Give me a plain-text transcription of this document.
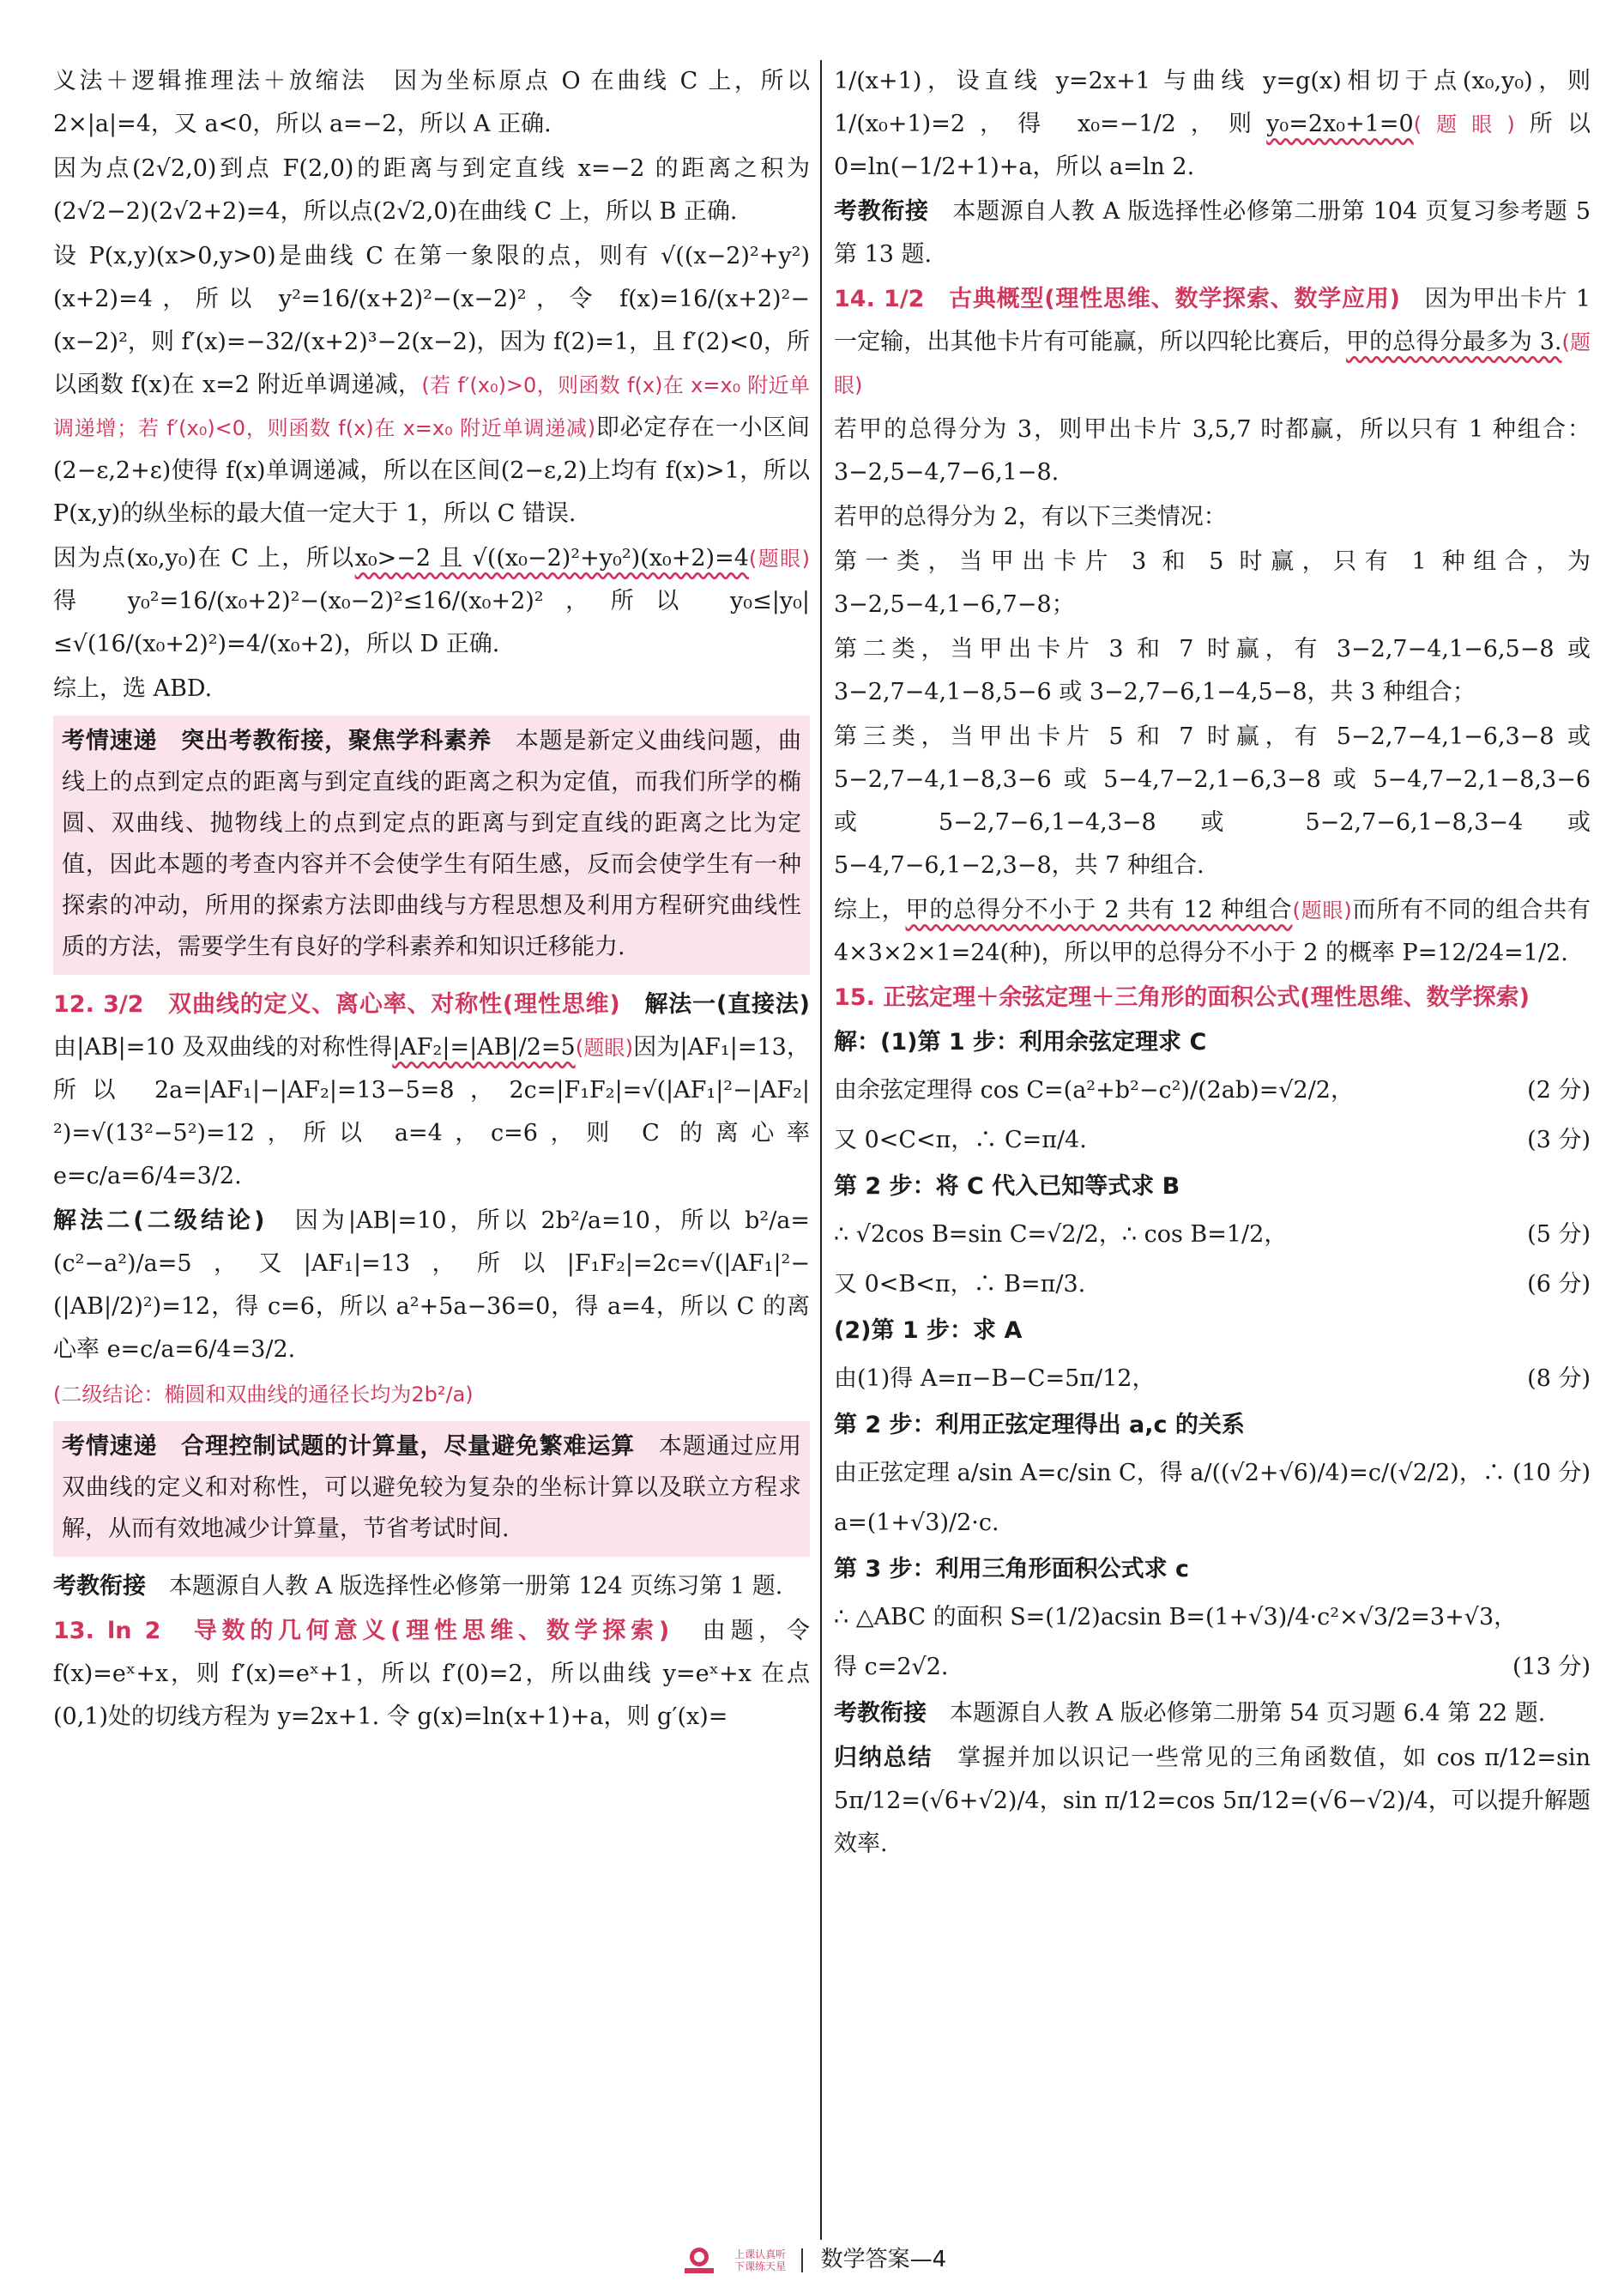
义法＋逻辑推理法＋放缩法　因为坐标原点 O 在曲线 C 上，所以 2×|a|=4，又 a<0，所以 a=−2，所以 A 正确.

因为点(2√2,0)到点 F(2,0)的距离与到定直线 x=−2 的距离之积为(2√2−2)(2√2+2)=4，所以点(2√2,0)在曲线 C 上，所以 B 正确.

设 P(x,y)(x>0,y>0)是曲线 C 在第一象限的点，则有 √((x−2)²+y²)(x+2)=4，所以 y²=16/(x+2)²−(x−2)²，令 f(x)=16/(x+2)²−(x−2)²，则 f′(x)=−32/(x+2)³−2(x−2)，因为 f(2)=1，且 f′(2)<0，所以函数 f(x)在 x=2 附近单调递减，(若 f′(x₀)>0，则函数 f(x)在 x=x₀ 附近单调递增；若 f′(x₀)<0，则函数 f(x)在 x=x₀ 附近单调递减)即必定存在一小区间(2−ε,2+ε)使得 f(x)单调递减，所以在区间(2−ε,2)上均有 f(x)>1，所以 P(x,y)的纵坐标的最大值一定大于 1，所以 C 错误.

因为点(x₀,y₀)在 C 上，所以x₀>−2 且 √((x₀−2)²+y₀²)(x₀+2)=4(题眼)得 y₀²=16/(x₀+2)²−(x₀−2)²≤16/(x₀+2)²，所以 y₀≤|y₀|≤√(16/(x₀+2)²)=4/(x₀+2)，所以 D 正确.

综上，选 ABD.

考情速递　突出考教衔接，聚焦学科素养　 本题是新定义曲线问题，曲线上的点到定点的距离与到定直线的距离之积为定值，而我们所学的椭圆、双曲线、抛物线上的点到定点的距离与到定直线的距离之比为定值，因此本题的考查内容并不会使学生有陌生感，反而会使学生有一种探索的冲动，所用的探索方法即曲线与方程思想及利用方程研究曲线性质的方法，需要学生有良好的学科素养和知识迁移能力.

12. 3/2　双曲线的定义、离心率、对称性(理性思维)　 解法一(直接法) 由|AB|=10 及双曲线的对称性得|AF₂|=|AB|/2=5(题眼)因为|AF₁|=13，所以 2a=|AF₁|−|AF₂|=13−5=8，2c=|F₁F₂|=√(|AF₁|²−|AF₂|²)=√(13²−5²)=12，所以 a=4，c=6，则 C 的离心率 e=c/a=6/4=3/2.

解法二(二级结论)　 因为|AB|=10，所以 2b²/a=10，所以 b²/a=(c²−a²)/a=5，又|AF₁|=13，所以|F₁F₂|=2c=√(|AF₁|²−(|AB|/2)²)=12，得 c=6，所以 a²+5a−36=0，得 a=4，所以 C 的离心率 e=c/a=6/4=3/2.

(二级结论：椭圆和双曲线的通径长均为2b²/a)

考情速递　合理控制试题的计算量，尽量避免繁难运算　 本题通过应用双曲线的定义和对称性，可以避免较为复杂的坐标计算以及联立方程求解，从而有效地减少计算量，节省考试时间.

考教衔接　 本题源自人教 A 版选择性必修第一册第 124 页练习第 1 题.

13. ln 2　导数的几何意义(理性思维、数学探索)　 由题，令 f(x)=eˣ+x，则 f′(x)=eˣ+1，所以 f′(0)=2，所以曲线 y=eˣ+x 在点(0,1)处的切线方程为 y=2x+1. 令 g(x)=ln(x+1)+a，则 g′(x)=

1/(x+1)，设直线 y=2x+1 与曲线 y=g(x)相切于点(x₀,y₀)，则 1/(x₀+1)=2，得 x₀=−1/2，则y₀=2x₀+1=0(题眼)所以 0=ln(−1/2+1)+a，所以 a=ln 2.

考教衔接　 本题源自人教 A 版选择性必修第二册第 104 页复习参考题 5 第 13 题.

14. 1/2　古典概型(理性思维、数学探索、数学应用)　 因为甲出卡片 1 一定输，出其他卡片有可能赢，所以四轮比赛后，甲的总得分最多为 3.(题眼)

若甲的总得分为 3，则甲出卡片 3,5,7 时都赢，所以只有 1 种组合：3−2,5−4,7−6,1−8.

若甲的总得分为 2，有以下三类情况：

第一类，当甲出卡片 3 和 5 时赢，只有 1 种组合，为 3−2,5−4,1−6,7−8；

第二类，当甲出卡片 3 和 7 时赢，有 3−2,7−4,1−6,5−8 或 3−2,7−4,1−8,5−6 或 3−2,7−6,1−4,5−8，共 3 种组合；

第三类，当甲出卡片 5 和 7 时赢，有 5−2,7−4,1−6,3−8 或 5−2,7−4,1−8,3−6 或 5−4,7−2,1−6,3−8 或 5−4,7−2,1−8,3−6 或 5−2,7−6,1−4,3−8 或 5−2,7−6,1−8,3−4 或 5−4,7−6,1−2,3−8，共 7 种组合.

综上，甲的总得分不小于 2 共有 12 种组合(题眼)而所有不同的组合共有 4×3×2×1=24(种)，所以甲的总得分不小于 2 的概率 P=12/24=1/2.

15. 正弦定理＋余弦定理＋三角形的面积公式(理性思维、数学探索)

解：(1)第 1 步：利用余弦定理求 C

由余弦定理得 cos C=(a²+b²−c²)/(2ab)=√2/2，	(2 分)
又 0<C<π，∴ C=π/4.	(3 分)

第 2 步：将 C 代入已知等式求 B

∴ √2cos B=sin C=√2/2，∴ cos B=1/2，	(5 分)
又 0<B<π，∴ B=π/3.	(6 分)

(2)第 1 步：求 A

由(1)得 A=π−B−C=5π/12，	(8 分)

第 2 步：利用正弦定理得出 a,c 的关系

由正弦定理 a/sin A=c/sin C，得 a/((√2+√6)/4)=c/(√2/2)，∴ a=(1+√3)/2·c.
(10 分)

第 3 步：利用三角形面积公式求 c

∴ △ABC 的面积 S=(1/2)acsin B=(1+√3)/4·c²×√3/2=3+√3，
得 c=2√2.	(13 分)

考教衔接　 本题源自人教 A 版必修第二册第 54 页习题 6.4 第 22 题.

归纳总结　 掌握并加以识记一些常见的三角函数值，如 cos π/12=sin 5π/12=(√6+√2)/4，sin π/12=cos 5π/12=(√6−√2)/4，可以提升解题效率.

上课认真听
下课练天星 数学答案—4
